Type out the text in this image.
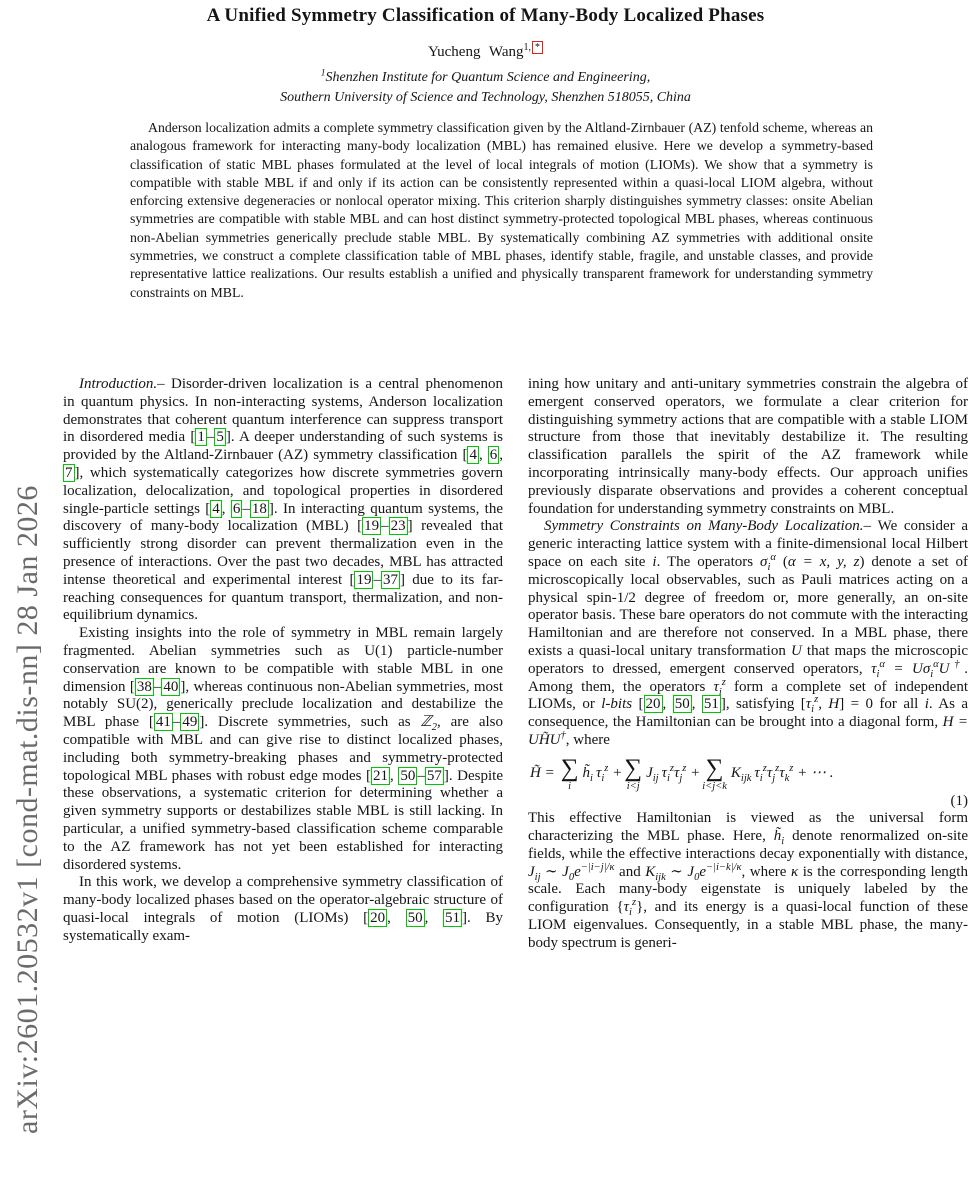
arXiv:2601.20532v1 [cond-mat.dis-nn] 28 Jan 2026
A Unified Symmetry Classification of Many-Body Localized Phases
Yucheng Wang$^{1, *}$
$^1$Shenzhen Institute for Quantum Science and Engineering,
Southern University of Science and Technology, Shenzhen 518055, China
Anderson localization admits a complete symmetry classification given by the Altland-Zirnbauer (AZ) tenfold scheme, whereas an analogous framework for interacting many-body localization (MBL) has remained elusive. Here we develop a symmetry-based classification of static MBL phases formulated at the level of local integrals of motion (LIOMs). We show that a symmetry is compatible with stable MBL if and only if its action can be consistently represented within a quasi-local LIOM algebra, without enforcing extensive degeneracies or nonlocal operator mixing. This criterion sharply distinguishes symmetry classes: onsite Abelian symmetries are compatible with stable MBL and can host distinct symmetry-protected topological MBL phases, whereas continuous non-Abelian symmetries generically preclude stable MBL. By systematically combining AZ symmetries with additional onsite symmetries, we construct a complete classification table of MBL phases, identify stable, fragile, and unstable classes, and provide representative lattice realizations. Our results establish a unified and physically transparent framework for understanding symmetry constraints on MBL.

Introduction.– Disorder-driven localization is a central phenomenon in quantum physics. In non-interacting systems, Anderson localization demonstrates that coherent quantum interference can suppress transport in disordered media [ 1 – 5 ]. A deeper understanding of such systems is provided by the Altland-Zirnbauer (AZ) symmetry classification [ 4 , 6 , 7 ], which systematically categorizes how discrete symmetries govern localization, delocalization, and topological properties in disordered single-particle settings [ 4 , 6 – 18 ]. In interacting quantum systems, the discovery of many-body localization (MBL) [ 19 – 23 ] revealed that sufficiently strong disorder can prevent thermalization even in the presence of interactions. Over the past two decades, MBL has attracted intense theoretical and experimental interest [ 19 – 37 ] due to its far-reaching consequences for quantum transport, thermalization, and non-equilibrium dynamics.

Existing insights into the role of symmetry in MBL remain largely fragmented. Abelian symmetries such as U(1) particle-number conservation are known to be compatible with stable MBL in one dimension [ 38 – 40 ], whereas continuous non-Abelian symmetries, most notably SU(2), generically preclude localization and destabilize the MBL phase [ 41 – 49 ]. Discrete symmetries, such as ℤ$_2$, are also compatible with MBL and can give rise to distinct localized phases, including both symmetry-breaking phases and symmetry-protected topological MBL phases with robust edge modes [ 21 , 50 – 57 ]. Despite these observations, a systematic criterion for determining whether a given symmetry supports or destabilizes stable MBL is still lacking. In particular, a unified symmetry-based classification scheme comparable to the AZ framework has not yet been established for interacting disordered systems.

In this work, we develop a comprehensive symmetry classification of many-body localized phases based on the operator-algebraic structure of quasi-local integrals of motion (LIOMs) [ 20 , 50 , 51 ]. By systematically exam-

ining how unitary and anti-unitary symmetries constrain the algebra of emergent conserved operators, we formulate a clear criterion for distinguishing symmetry actions that are compatible with a stable LIOM structure from those that inevitably destabilize it. The resulting classification parallels the spirit of the AZ framework while incorporating intrinsically many-body effects. Our approach unifies previously disparate observations and provides a coherent conceptual foundation for understanding symmetry constraints on MBL.

Symmetry Constraints on Many-Body Localization.– We consider a generic interacting lattice system with a finite-dimensional local Hilbert space on each site i. The operators $\sigma_i^\alpha$ (α = x, y, z) denote a set of microscopically local observables, such as Pauli matrices acting on a physical spin-1/2 degree of freedom or, more generally, an on-site operator basis. These bare operators do not commute with the interacting Hamiltonian and are therefore not conserved. In a MBL phase, there exists a quasi-local unitary transformation U that maps the microscopic operators to dressed, emergent conserved operators, $\tau_i^\alpha = U\sigma_i^\alpha U^\dagger$. Among them, the operators $\tau_i^z$ form a complete set of independent LIOMs, or l-bits [ 20 , 50 , 51 ], satisfying [$\tau_i^z$, H] = 0 for all i. As a consequence, the Hamiltonian can be brought into a diagonal form, H = UH̃U†, where

H̃ = ∑
i
$h̃_i$ $\tau_i^z$ + ∑
i<j
$J_{ij}$ $\tau_i^z\tau_j^z$ + ∑
i<j<k
$K_{ijk}$ $\tau_i^z\tau_j^z\tau_k^z$ + ⋯ .
(1)

This effective Hamiltonian is viewed as the universal form characterizing the MBL phase. Here, $h̃_i$ denote renormalized on-site fields, while the effective interactions decay exponentially with distance, $J_{ij}$ ∼ $J_0e^{-|i-j|/\kappa}$ and $K_{ijk}$ ∼ $J_0e^{-|i-k|/\kappa}$, where κ is the corresponding length scale. Each many-body eigenstate is uniquely labeled by the configuration $\{\tau_i^z\}$, and its energy is a quasi-local function of these LIOM eigenvalues. Consequently, in a stable MBL phase, the many-body spectrum is generi-
